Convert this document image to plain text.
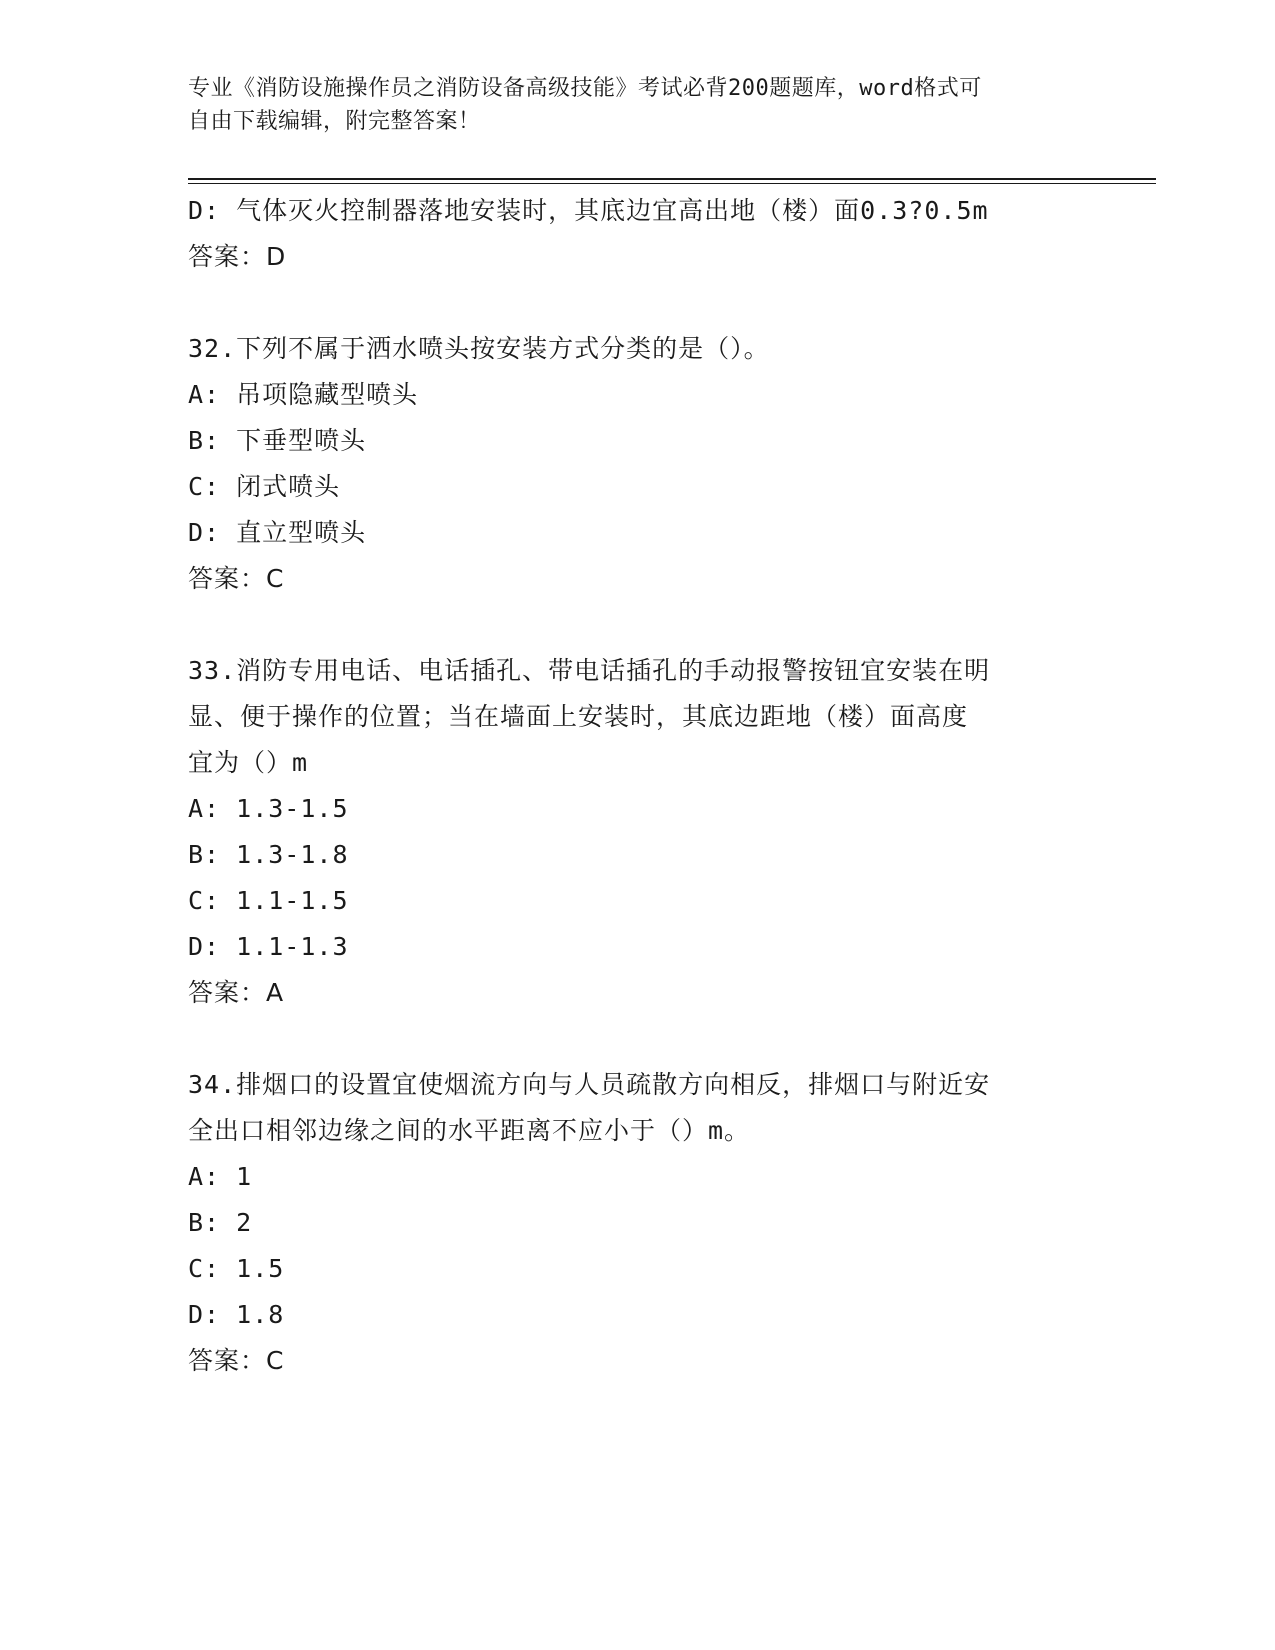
专业《消防设施操作员之消防设备高级技能》考试必背200题题库，word格式可
自由下载编辑，附完整答案！
D: 气体灭火控制器落地安装时，其底边宜高出地（楼）面0.3?0.5m
答案：D
32.下列不属于洒水喷头按安装方式分类的是（）。
A: 吊项隐藏型喷头
B: 下垂型喷头
C: 闭式喷头
D: 直立型喷头
答案：C
33.消防专用电话、电话插孔、带电话插孔的手动报警按钮宜安装在明
显、便于操作的位置；当在墙面上安装时，其底边距地（楼）面高度
宜为（）m
A: 1.3-1.5
B: 1.3-1.8
C: 1.1-1.5
D: 1.1-1.3
答案：A
34.排烟口的设置宜使烟流方向与人员疏散方向相反，排烟口与附近安
全出口相邻边缘之间的水平距离不应小于（）m。
A: 1
B: 2
C: 1.5
D: 1.8
答案：C
